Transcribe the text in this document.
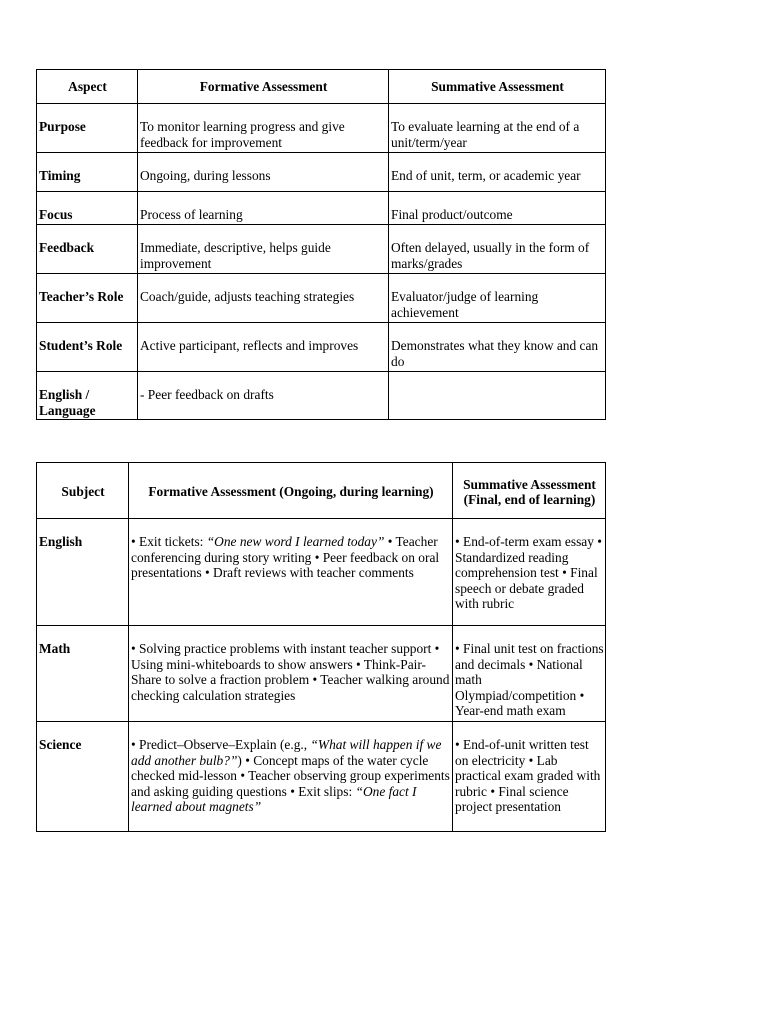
Aspect	Formative Assessment	Summative Assessment
Purpose	To monitor learning progress and give feedback for improvement	To evaluate learning at the end of a unit/term/year
Timing	Ongoing, during lessons	End of unit, term, or academic year
Focus	Process of learning	Final product/outcome
Feedback	Immediate, descriptive, helps guide improvement	Often delayed, usually in the form of marks/grades
Teacher’s Role	Coach/guide, adjusts teaching strategies	Evaluator/judge of learning achievement
Student’s Role	Active participant, reflects and improves	Demonstrates what they know and can do
English / Language	- Peer feedback on drafts	
Subject	Formative Assessment (Ongoing, during learning)	Summative Assessment (Final, end of learning)
English	• Exit tickets: “One new word I learned today” • Teacher conferencing during story writing • Peer feedback on oral presentations • Draft reviews with teacher comments	• End-of-term exam essay • Standardized reading comprehension test • Final speech or debate graded with rubric
Math	• Solving practice problems with instant teacher support • Using mini-whiteboards to show answers • Think-Pair-Share to solve a fraction problem • Teacher walking around checking calculation strategies	• Final unit test on fractions and decimals • National math Olympiad/competition • Year-end math exam
Science	• Predict–Observe–Explain (e.g., “What will happen if we add another bulb?”) • Concept maps of the water cycle checked mid-lesson • Teacher observing group experiments and asking guiding questions • Exit slips: “One fact I learned about magnets”	• End-of-unit written test on electricity • Lab practical exam graded with rubric • Final science project presentation
